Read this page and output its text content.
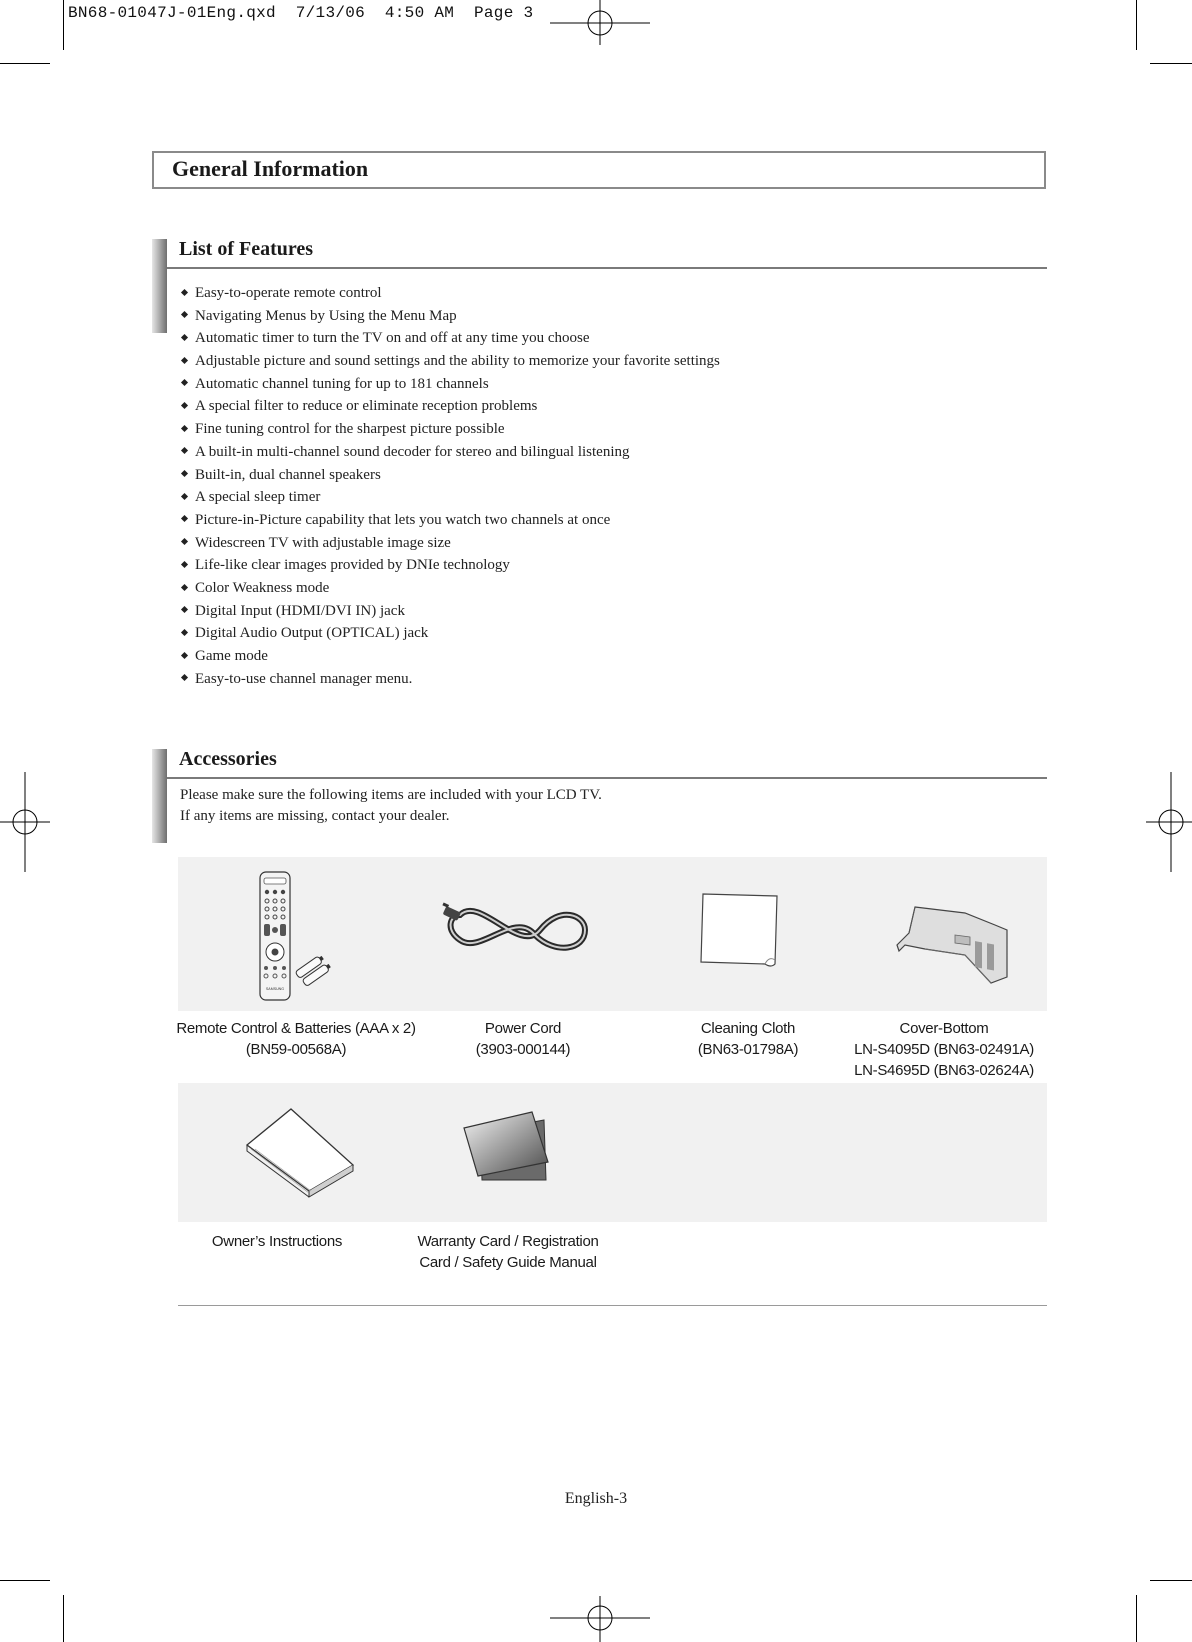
BN68-01047J-01Eng.qxd 7/13/06 4:50 AM Page 3
General Information
List of Features
Easy-to-operate remote control
Navigating Menus by Using the Menu Map
Automatic timer to turn the TV on and off at any time you choose
Adjustable picture and sound settings and the ability to memorize your favorite settings
Automatic channel tuning for up to 181 channels
A special filter to reduce or eliminate reception problems
Fine tuning control for the sharpest picture possible
A built-in multi-channel sound decoder for stereo and bilingual listening
Built-in, dual channel speakers
A special sleep timer
Picture-in-Picture capability that lets you watch two channels at once
Widescreen TV with adjustable image size
Life-like clear images provided by DNIe technology
Color Weakness mode
Digital Input (HDMI/DVI IN) jack
Digital Audio Output (OPTICAL) jack
Game mode
Easy-to-use channel manager menu.
Accessories
Please make sure the following items are included with your LCD TV.
If any items are missing, contact your dealer.
SAMSUNG
Remote Control & Batteries (AAA x 2)
(BN59-00568A)
Power Cord
(3903-000144)
Cleaning Cloth
(BN63-01798A)
Cover-Bottom
LN-S4095D (BN63-02491A)
LN-S4695D (BN63-02624A)
Owner’s Instructions	Warranty Card / Registration
Card / Safety Guide Manual
English-3
